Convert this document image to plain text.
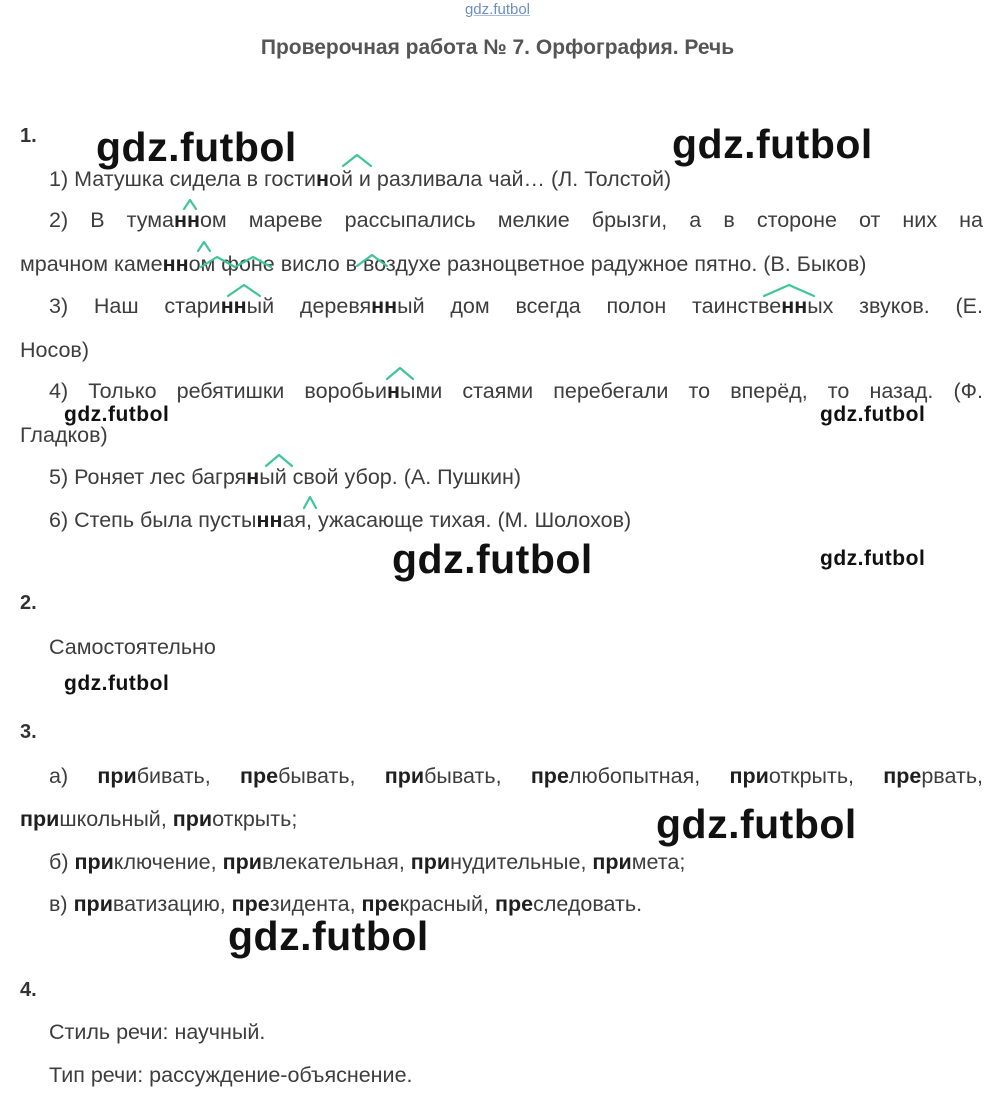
gdz.futbol
Проверочная работа № 7. Орфография. Речь
1.
1) Матушка сидела в гостиной и разливала чай… (Л. Толстой)
2) В туманном мареве рассыпались мелкие брызги, а в стороне от них на
мрачном каменном фоне висло в воздухе разноцветное радужное пятно. (В. Быков)
3) Наш старинный деревянный дом всегда полон таинственных звуков. (Е.
Носов)
4) Только ребятишки воробьиными стаями перебегали то вперёд, то назад. (Ф.
Гладков)
5) Роняет лес багряный свой убор. (А. Пушкин)
6) Степь была пустынная, ужасающе тихая. (М. Шолохов)
2.
Самостоятельно
3.
а) прибивать, пребывать, прибывать, прелюбопытная, приоткрыть, прервать,
пришкольный, приоткрыть;
б) приключение, привлекательная, принудительные, примета;
в) приватизацию, президента, прекрасный, преследовать.
4.
Стиль речи: научный.
Тип речи: рассуждение-объяснение.
gdz.futbol	gdz.futbol
gdz.futbol	gdz.futbol
gdz.futbol	gdz.futbol
gdz.futbol
gdz.futbol
gdz.futbol
